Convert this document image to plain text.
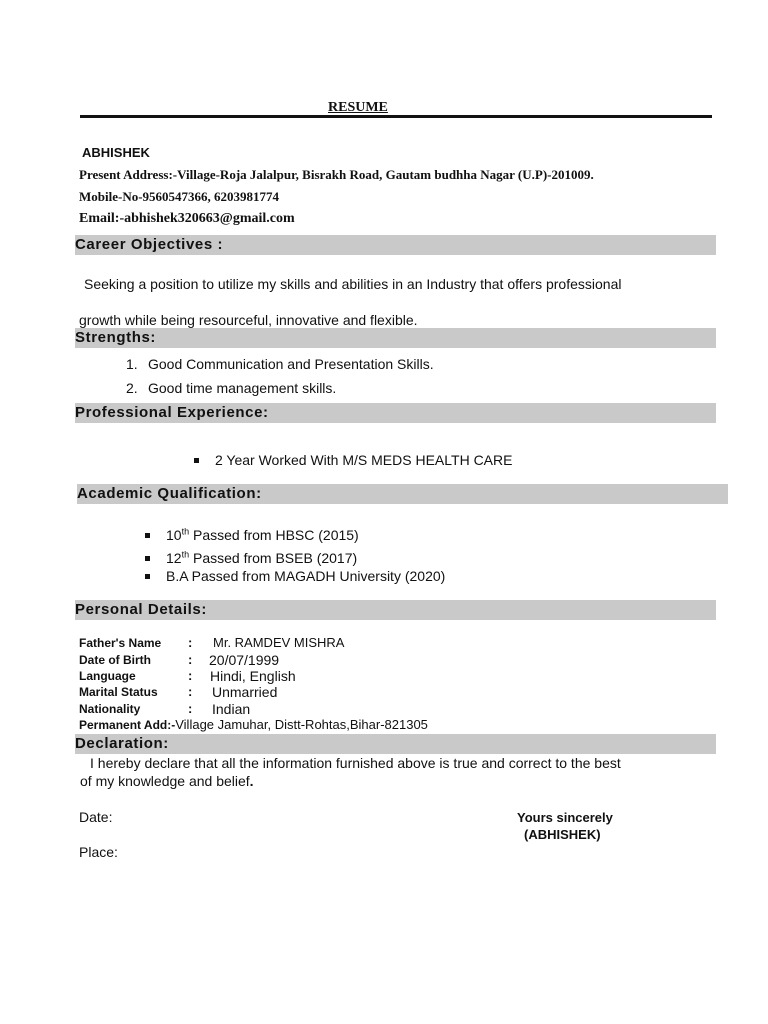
RESUME
ABHISHEK
Present Address:-Village-Roja Jalalpur, Bisrakh Road, Gautam budhha Nagar (U.P)-201009.
Mobile-No-9560547366, 6203981774
Email:-abhishek320663@gmail.com
Career Objectives :
Seeking a position to utilize my skills and abilities in an Industry that offers professional
growth while being resourceful, innovative and flexible.
Strengths:
1. Good Communication and Presentation Skills.
2. Good time management skills.
Professional Experience:
2 Year Worked With M/S MEDS HEALTH CARE
Academic Qualification:
10th Passed from HBSC (2015)
12th Passed from BSEB (2017)
B.A Passed from MAGADH University (2020)
Personal Details:
Father's Name : Mr. RAMDEV MISHRA
Date of Birth	: 20/07/1999
Language	: Hindi, English
Marital Status : Unmarried
Nationality	: Indian
Permanent Add:-Village Jamuhar, Distt-Rohtas,Bihar-821305
Declaration:
I hereby declare that all the information furnished above is true and correct to the best
of my knowledge and belief.
Date:
Place:
Yours sincerely
(ABHISHEK)
